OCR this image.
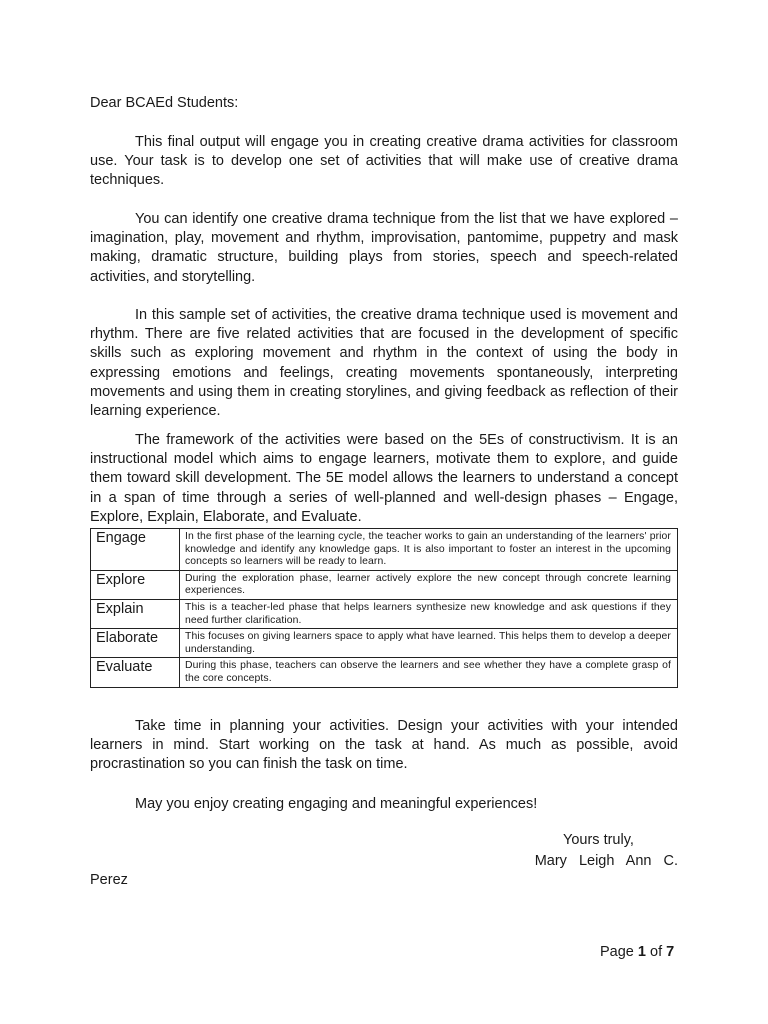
Dear BCAEd Students:

This final output will engage you in creating creative drama activities for classroom use. Your task is to develop one set of activities that will make use of creative drama techniques.

You can identify one creative drama technique from the list that we have explored – imagination, play, movement and rhythm, improvisation, pantomime, puppetry and mask making, dramatic structure, building plays from stories, speech and speech-related activities, and storytelling.

In this sample set of activities, the creative drama technique used is movement and rhythm. There are five related activities that are focused in the development of specific skills such as exploring movement and rhythm in the context of using the body in expressing emotions and feelings, creating movements spontaneously, interpreting movements and using them in creating storylines, and giving feedback as reflection of their learning experience.

The framework of the activities were based on the 5Es of constructivism. It is an instructional model which aims to engage learners, motivate them to explore, and guide them toward skill development. The 5E model allows the learners to understand a concept in a span of time through a series of well-planned and well-design phases – Engage, Explore, Explain, Elaborate, and Evaluate.

Engage	In the first phase of the learning cycle, the teacher works to gain an understanding of the learners' prior knowledge and identify any knowledge gaps. It is also important to foster an interest in the upcoming concepts so learners will be ready to learn.
Explore	During the exploration phase, learner actively explore the new concept through concrete learning experiences.
Explain	This is a teacher-led phase that helps learners synthesize new knowledge and ask questions if they need further clarification.
Elaborate	This focuses on giving learners space to apply what have learned. This helps them to develop a deeper understanding.
Evaluate	During this phase, teachers can observe the learners and see whether they have a complete grasp of the core concepts.

Take time in planning your activities. Design your activities with your intended learners in mind. Start working on the task at hand. As much as possible, avoid procrastination so you can finish the task on time.

May you enjoy creating engaging and meaningful experiences!

Yours truly,
Mary Leigh Ann C.
Perez
Page 1 of 7
